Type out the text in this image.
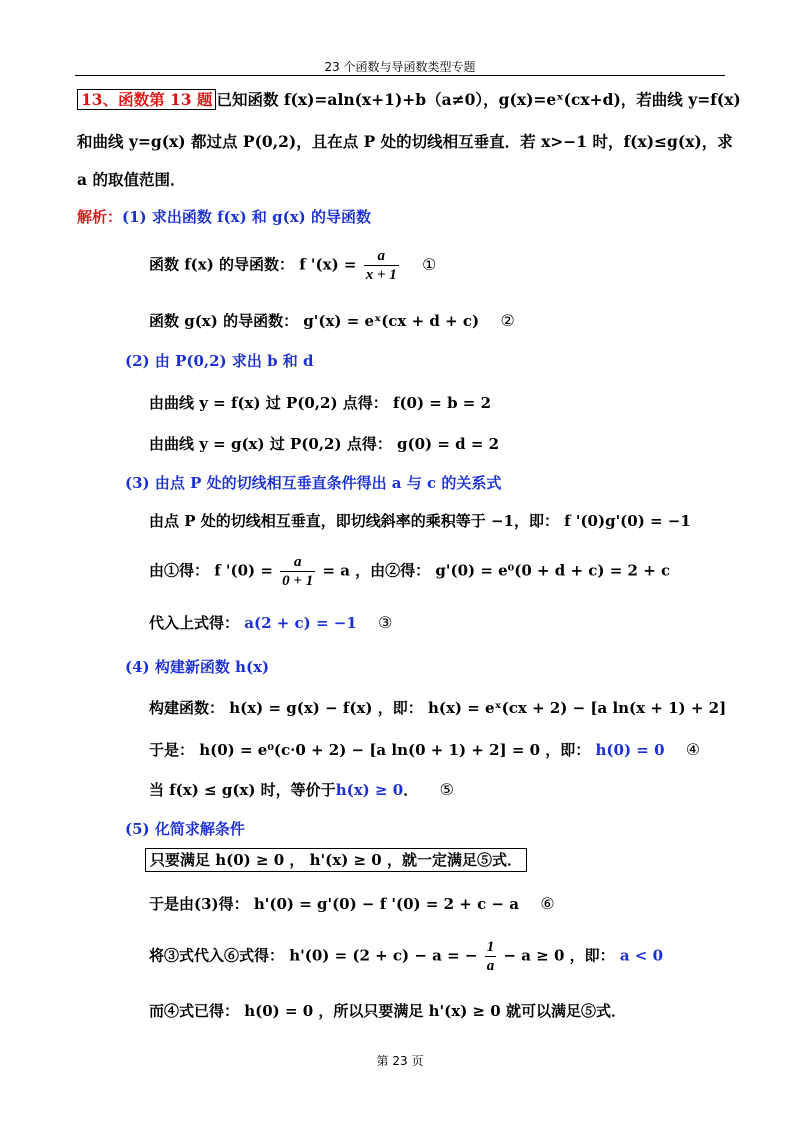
23 个函数与导函数类型专题
13、函数第 13 题 已知函数 f(x)=aln(x+1)+b（a≠0），g(x)=eˣ(cx+d)，若曲线 y=f(x)
和曲线 y=g(x) 都过点 P(0,2)，且在点 P 处的切线相互垂直．若 x>−1 时，f(x)≤g(x)，求
a 的取值范围．
解析：(1) 求出函数 f(x) 和 g(x) 的导函数
函数 f(x) 的导函数： f '$(x) = \frac{a}{x + 1}$ ①
函数 g(x) 的导函数： g'(x) = eˣ(cx + d + c) ②
(2) 由 P(0,2) 求出 b 和 d
由曲线 y = f(x) 过 P(0,2) 点得： f(0) = b = 2
由曲线 y = g(x) 过 P(0,2) 点得： g(0) = d = 2
(3) 由点 P 处的切线相互垂直条件得出 a 与 c 的关系式
由点 P 处的切线相互垂直，即切线斜率的乘积等于 −1，即： f '(0)g'(0) = −1
由①得： f '$(0) = \frac{a}{0 + 1} = a$ ，由②得： g'(0) = e⁰(0 + d + c) = 2 + c
代入上式得： a(2 + c) = −1 ③
(4) 构建新函数 h(x)
构建函数： h(x) = g(x) − f(x) ，即： h(x) = eˣ(cx + 2) − [a ln(x + 1) + 2]
于是： h(0) = e⁰(c·0 + 2) − [a ln(0 + 1) + 2] = 0 ，即： h(0) = 0 ④
当 f(x) ≤ g(x) 时，等价于h(x) ≥ 0． ⑤
(5) 化简求解条件
只要满足 h(0) ≥ 0 ， h'(x) ≥ 0 ，就一定满足⑤式．
于是由(3)得： h'(0) = g'(0) − f '(0) = 2 + c − a ⑥
将③式代入⑥式得： h'(0) = (2 + c) − a = − $\frac{1}{a} - a \ge 0$ ，即： a < 0
而④式已得： h(0) = 0 ，所以只要满足 h'(x) ≥ 0 就可以满足⑤式．
第 23 页
